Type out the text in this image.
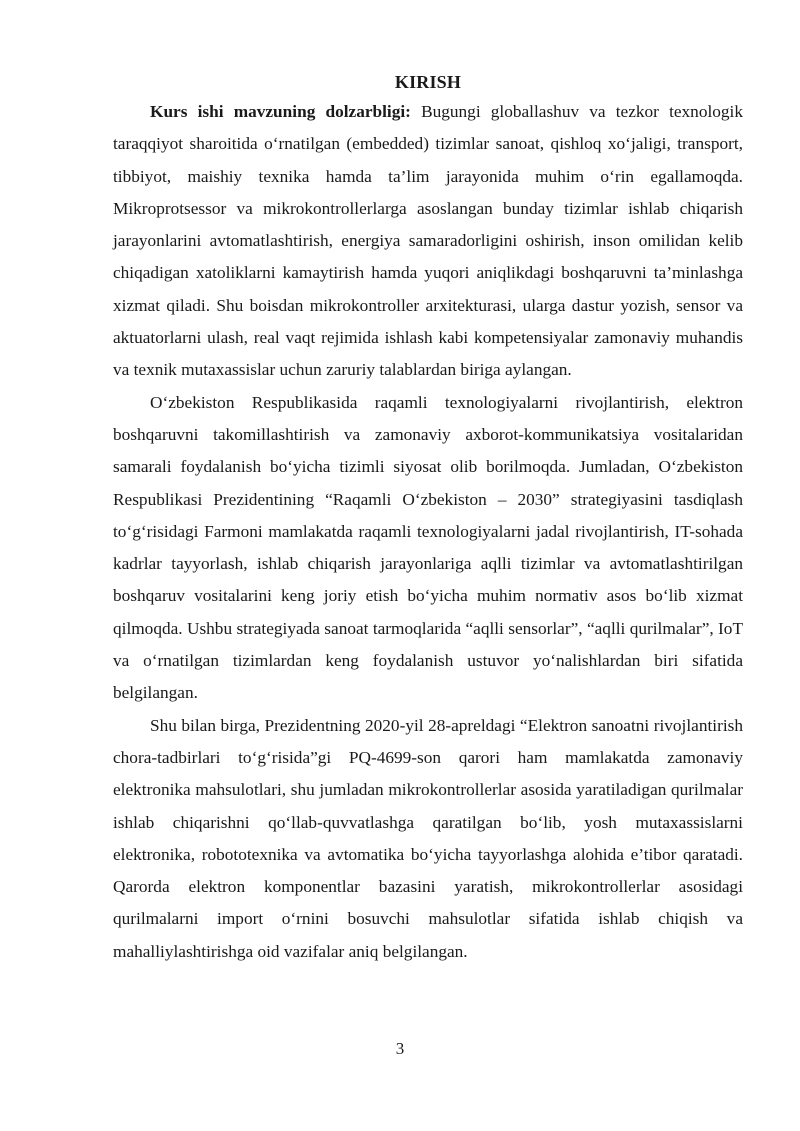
KIRISH

Kurs ishi mavzuning dolzarbligi: Bugungi globallashuv va tezkor texnologik taraqqiyot sharoitida o‘rnatilgan (embedded) tizimlar sanoat, qishloq xo‘jaligi, transport, tibbiyot, maishiy texnika hamda ta’lim jarayonida muhim o‘rin egallamoqda. Mikroprotsessor va mikrokontrollerlarga asoslangan bunday tizimlar ishlab chiqarish jarayonlarini avtomatlashtirish, energiya samaradorligini oshirish, inson omilidan kelib chiqadigan xatoliklarni kamaytirish hamda yuqori aniqlikdagi boshqaruvni ta’minlashga xizmat qiladi. Shu boisdan mikrokontroller arxitekturasi, ularga dastur yozish, sensor va aktuatorlarni ulash, real vaqt rejimida ishlash kabi kompetensiyalar zamonaviy muhandis va texnik mutaxassislar uchun zaruriy talablardan biriga aylangan.

O‘zbekiston Respublikasida raqamli texnologiyalarni rivojlantirish, elektron boshqaruvni takomillashtirish va zamonaviy axborot-kommunikatsiya vositalaridan samarali foydalanish bo‘yicha tizimli siyosat olib borilmoqda. Jumladan, O‘zbekiston Respublikasi Prezidentining “Raqamli O‘zbekiston – 2030” strategiyasini tasdiqlash to‘g‘risidagi Farmoni mamlakatda raqamli texnologiyalarni jadal rivojlantirish, IT-sohada kadrlar tayyorlash, ishlab chiqarish jarayonlariga aqlli tizimlar va avtomatlashtirilgan boshqaruv vositalarini keng joriy etish bo‘yicha muhim normativ asos bo‘lib xizmat qilmoqda. Ushbu strategiyada sanoat tarmoqlarida “aqlli sensorlar”, “aqlli qurilmalar”, IoT va o‘rnatilgan tizimlardan keng foydalanish ustuvor yo‘nalishlardan biri sifatida belgilangan.

Shu bilan birga, Prezidentning 2020-yil 28-apreldagi “Elektron sanoatni rivojlantirish chora-tadbirlari to‘g‘risida”gi PQ-4699-son qarori ham mamlakatda zamonaviy elektronika mahsulotlari, shu jumladan mikrokontrollerlar asosida yaratiladigan qurilmalar ishlab chiqarishni qo‘llab-quvvatlashga qaratilgan bo‘lib, yosh mutaxassislarni elektronika, robototexnika va avtomatika bo‘yicha tayyorlashga alohida e’tibor qaratadi. Qarorda elektron komponentlar bazasini yaratish, mikrokontrollerlar asosidagi qurilmalarni import o‘rnini bosuvchi mahsulotlar sifatida ishlab chiqish va mahalliylashtirishga oid vazifalar aniq belgilangan.

3
